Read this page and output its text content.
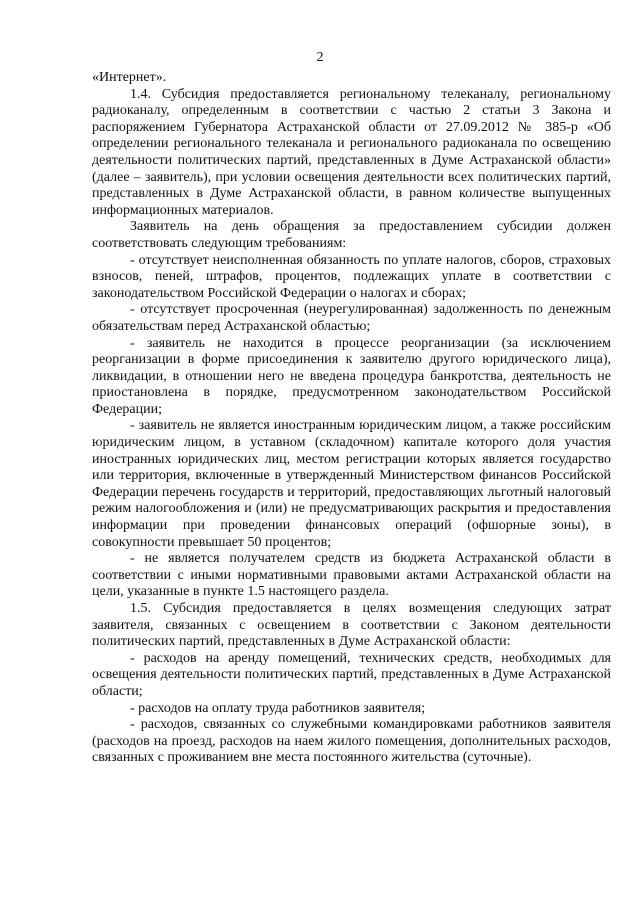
2

«Интернет».

1.4. Субсидия предоставляется региональному телеканалу, региональному радиоканалу, определенным в соответствии с частью 2 статьи 3 Закона и распоряжением Губернатора Астраханской области от 27.09.2012 № 385-р «Об определении регионального телеканала и регионального радиоканала по освещению деятельности политических партий, представленных в Думе Астраханской области» (далее – заявитель), при условии освещения деятельности всех политических партий, представленных в Думе Астраханской области, в равном количестве выпущенных информационных материалов.

Заявитель на день обращения за предоставлением субсидии должен соответствовать следующим требованиям:

- отсутствует неисполненная обязанность по уплате налогов, сборов, страховых взносов, пеней, штрафов, процентов, подлежащих уплате в соответствии с законодательством Российской Федерации о налогах и сборах;

- отсутствует просроченная (неурегулированная) задолженность по денежным обязательствам перед Астраханской областью;

- заявитель не находится в процессе реорганизации (за исключением реорганизации в форме присоединения к заявителю другого юридического лица), ликвидации, в отношении него не введена процедура банкротства, деятельность не приостановлена в порядке, предусмотренном законодательством Российской Федерации;

- заявитель не является иностранным юридическим лицом, а также российским юридическим лицом, в уставном (складочном) капитале которого доля участия иностранных юридических лиц, местом регистрации которых является государство или территория, включенные в утвержденный Министерством финансов Российской Федерации перечень государств и территорий, предоставляющих льготный налоговый режим налогообложения и (или) не предусматривающих раскрытия и предоставления информации при проведении финансовых операций (офшорные зоны), в совокупности превышает 50 процентов;

- не является получателем средств из бюджета Астраханской области в соответствии с иными нормативными правовыми актами Астраханской области на цели, указанные в пункте 1.5 настоящего раздела.

1.5. Субсидия предоставляется в целях возмещения следующих затрат заявителя, связанных с освещением в соответствии с Законом деятельности политических партий, представленных в Думе Астраханской области:

- расходов на аренду помещений, технических средств, необходимых для освещения деятельности политических партий, представленных в Думе Астраханской области;

- расходов на оплату труда работников заявителя;

- расходов, связанных со служебными командировками работников заявителя (расходов на проезд, расходов на наем жилого помещения, дополнительных расходов, связанных с проживанием вне места постоянного жительства (суточные).
